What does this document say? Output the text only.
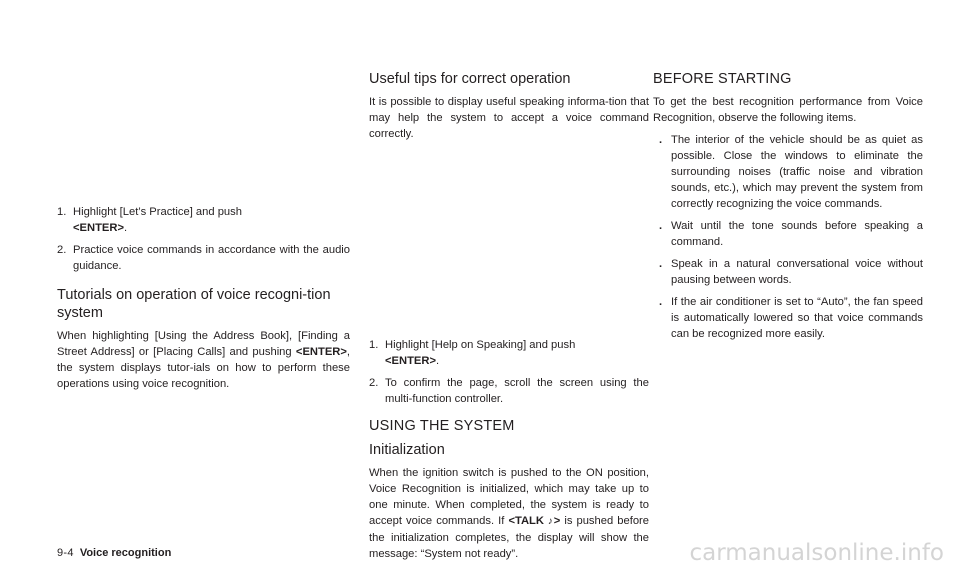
1. Highlight [Let’s Practice] and push
<ENTER>.
2. Practice voice commands in accordance with the audio guidance.
Tutorials on operation of voice recogni-tion system

When highlighting [Using the Address Book], [Finding a Street Address] or [Placing Calls] and pushing <ENTER>, the system displays tutor-ials on how to perform these operations using voice recognition.

Useful tips for correct operation

It is possible to display useful speaking informa-tion that may help the system to accept a voice command correctly.

1. Highlight [Help on Speaking] and push
<ENTER>.
2. To confirm the page, scroll the screen using the multi-function controller.
USING THE SYSTEM
Initialization

When the ignition switch is pushed to the ON position, Voice Recognition is initialized, which may take up to one minute. When completed, the system is ready to accept voice commands. If <TALK ♪> is pushed before the initialization completes, the display will show the message: “System not ready”.

BEFORE STARTING

To get the best recognition performance from Voice Recognition, observe the following items.

. The interior of the vehicle should be as quiet as possible. Close the windows to eliminate the surrounding noises (traffic noise and vibration sounds, etc.), which may prevent the system from correctly recognizing the voice commands.
. Wait until the tone sounds before speaking a command.
. Speak in a natural conversational voice without pausing between words.
. If the air conditioner is set to “Auto”, the fan speed is automatically lowered so that voice commands can be recognized more easily.
9-4 Voice recognition	carmanualsonline.info
